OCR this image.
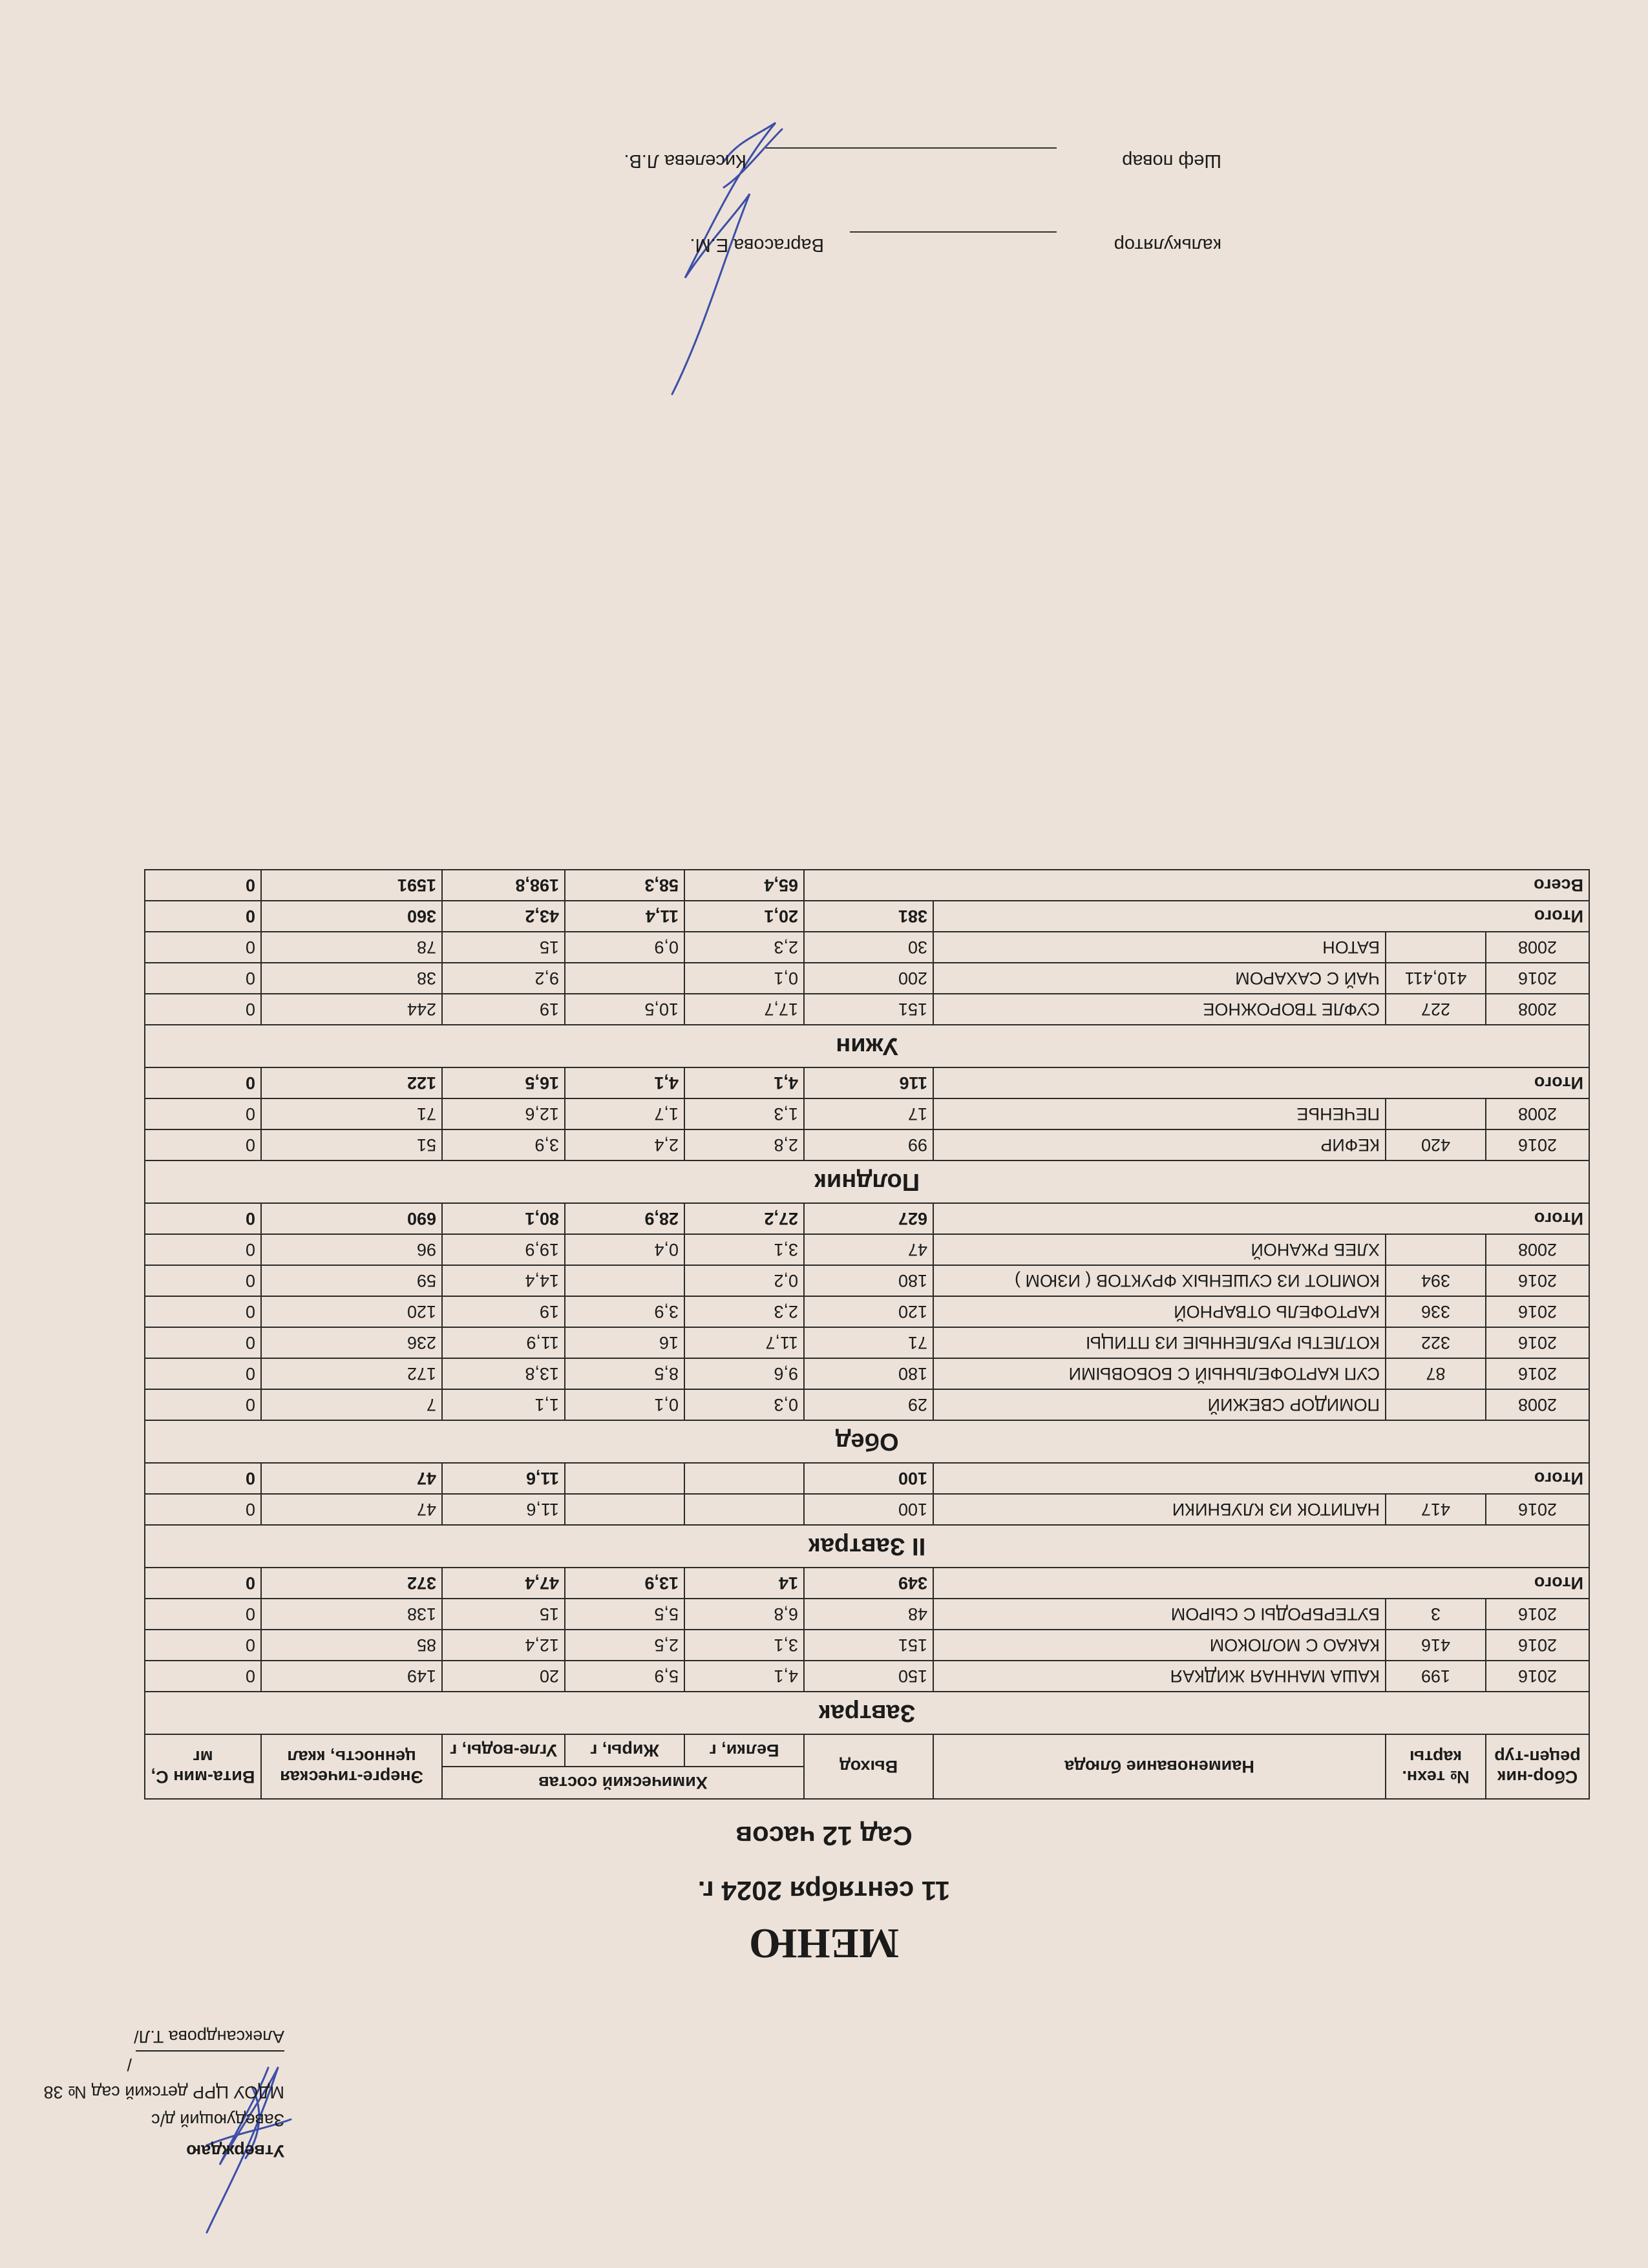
Утверждаю
Заведующий д/с
МДОУ ЦРР детский сад № 38
/Александрова Т.Л/
МЕНЮ
11 сентября 2024 г.
Сад 12 часов
Сбор-ник рецеп-тур	№ техн. карты	Наименование блюда	Выход	Химический состав			Энерге-тическая ценность, ккал	Вита-мин С, мг
				Белки, г	Жиры, г	Угле-воды, г		
Завтрак								
2016	199	КАША МАННАЯ ЖИДКАЯ	150	4,1	5,9	20	149	0
2016	416	КАКАО С МОЛОКОМ	151	3,1	2,5	12,4	85	0
2016	3	БУТЕРБРОДЫ С СЫРОМ	48	6,8	5,5	15	138	0
Итого			349	14	13,9	47,4	372	0
II Завтрак								
2016	417	НАПИТОК ИЗ КЛУБНИКИ	100			11,6	47	0
Итого			100			11,6	47	0
Обед								
2008		ПОМИДОР СВЕЖИЙ	29	0,3	0,1	1,1	7	0
2016	87	СУП КАРТОФЕЛЬНЫЙ С БОБОВЫМИ	180	9,6	8,5	13,8	172	0
2016	322	КОТЛЕТЫ РУБЛЕННЫЕ ИЗ ПТИЦЫ	71	11,7	16	11,9	236	0
2016	336	КАРТОФЕЛЬ ОТВАРНОЙ	120	2,3	3,9	19	120	0
2016	394	КОМПОТ ИЗ СУШЕНЫХ ФРУКТОВ ( ИЗЮМ )	180	0,2		14,4	59	0
2008		ХЛЕБ РЖАНОЙ	47	3,1	0,4	19,9	96	0
Итого			627	27,2	28,9	80,1	690	0
Полдник								
2016	420	КЕФИР	99	2,8	2,4	3,9	51	0
2008		ПЕЧЕНЬЕ	17	1,3	1,7	12,6	71	0
Итого			116	4,1	4,1	16,5	122	0
Ужин								
2008	227	СУФЛЕ ТВОРОЖНОЕ	151	17,7	10,5	19	244	0
2016	410,411	ЧАЙ С САХАРОМ	200	0,1		9,2	38	0
2008		БАТОН	30	2,3	0,9	15	78	0
Итого			381	20,1	11,4	43,2	360	0
Всего				65,4	58,3	198,8	1591	0
калькулятор
Варгасова Е.М.
Шеф повар
Киселева Л.В.
